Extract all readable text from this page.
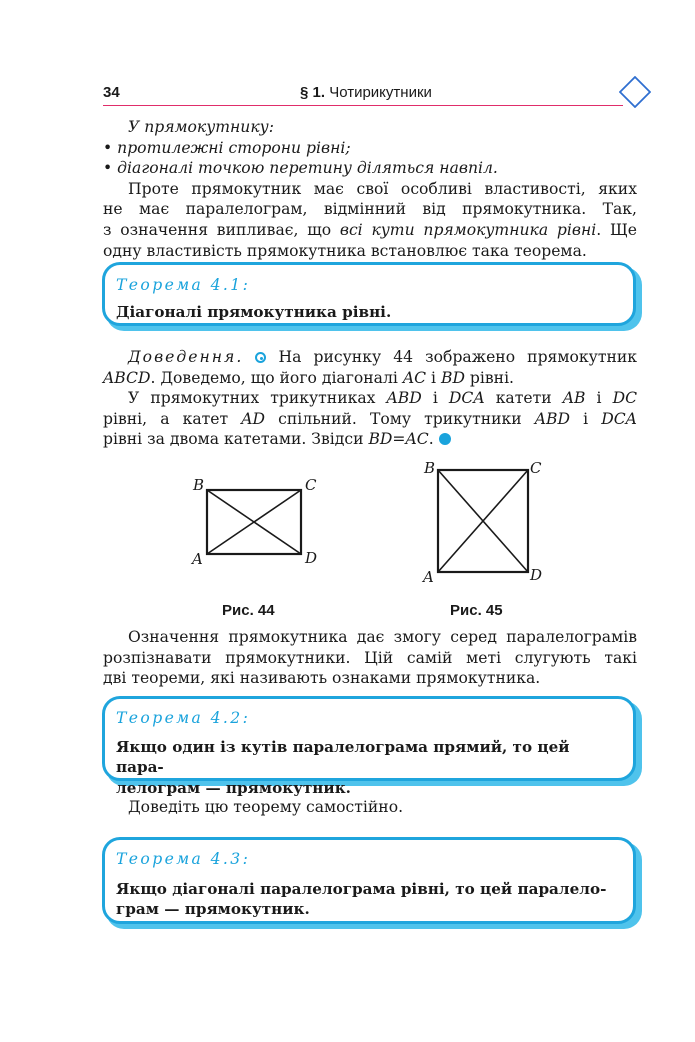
34	§ 1. Чотирикутники

У прямокутнику:

• протилежні сторони рівні;

• діагоналі точкою перетину діляться навпіл.

Проте прямокутник має свої особливі властивості, яких

не має паралелограм, відмінний від прямокутника. Так,

з означення випливає, що всі кути прямокутника рівні. Ще

одну властивість прямокутника встановлює така теорема.

Теорема 4.1:
Діагоналі прямокутника рівні.

Доведення. На рисунку 44 зображено прямокутник

ABCD. Доведемо, що його діагоналі AC і BD рівні.

У прямокутних трикутниках ABD і DCA катети AB і DC

рівні, а катет AD спільний. Тому трикутники ABD і DCA

рівні за двома катетами. Звідси BD=AC.

B	C
A	D
Рис. 44
B	C
A	D
Рис. 45

Означення прямокутника дає змогу серед паралелограмів

розпізнавати прямокутники. Цій самій меті слугують такі

дві теореми, які називають ознаками прямокутника.

Теорема 4.2:
Якщо один із кутів паралелограма прямий, то цей пара-
лелограм — прямокутник.

Доведіть цю теорему самостійно.

Теорема 4.3:
Якщо діагоналі паралелограма рівні, то цей паралело-
грам — прямокутник.
